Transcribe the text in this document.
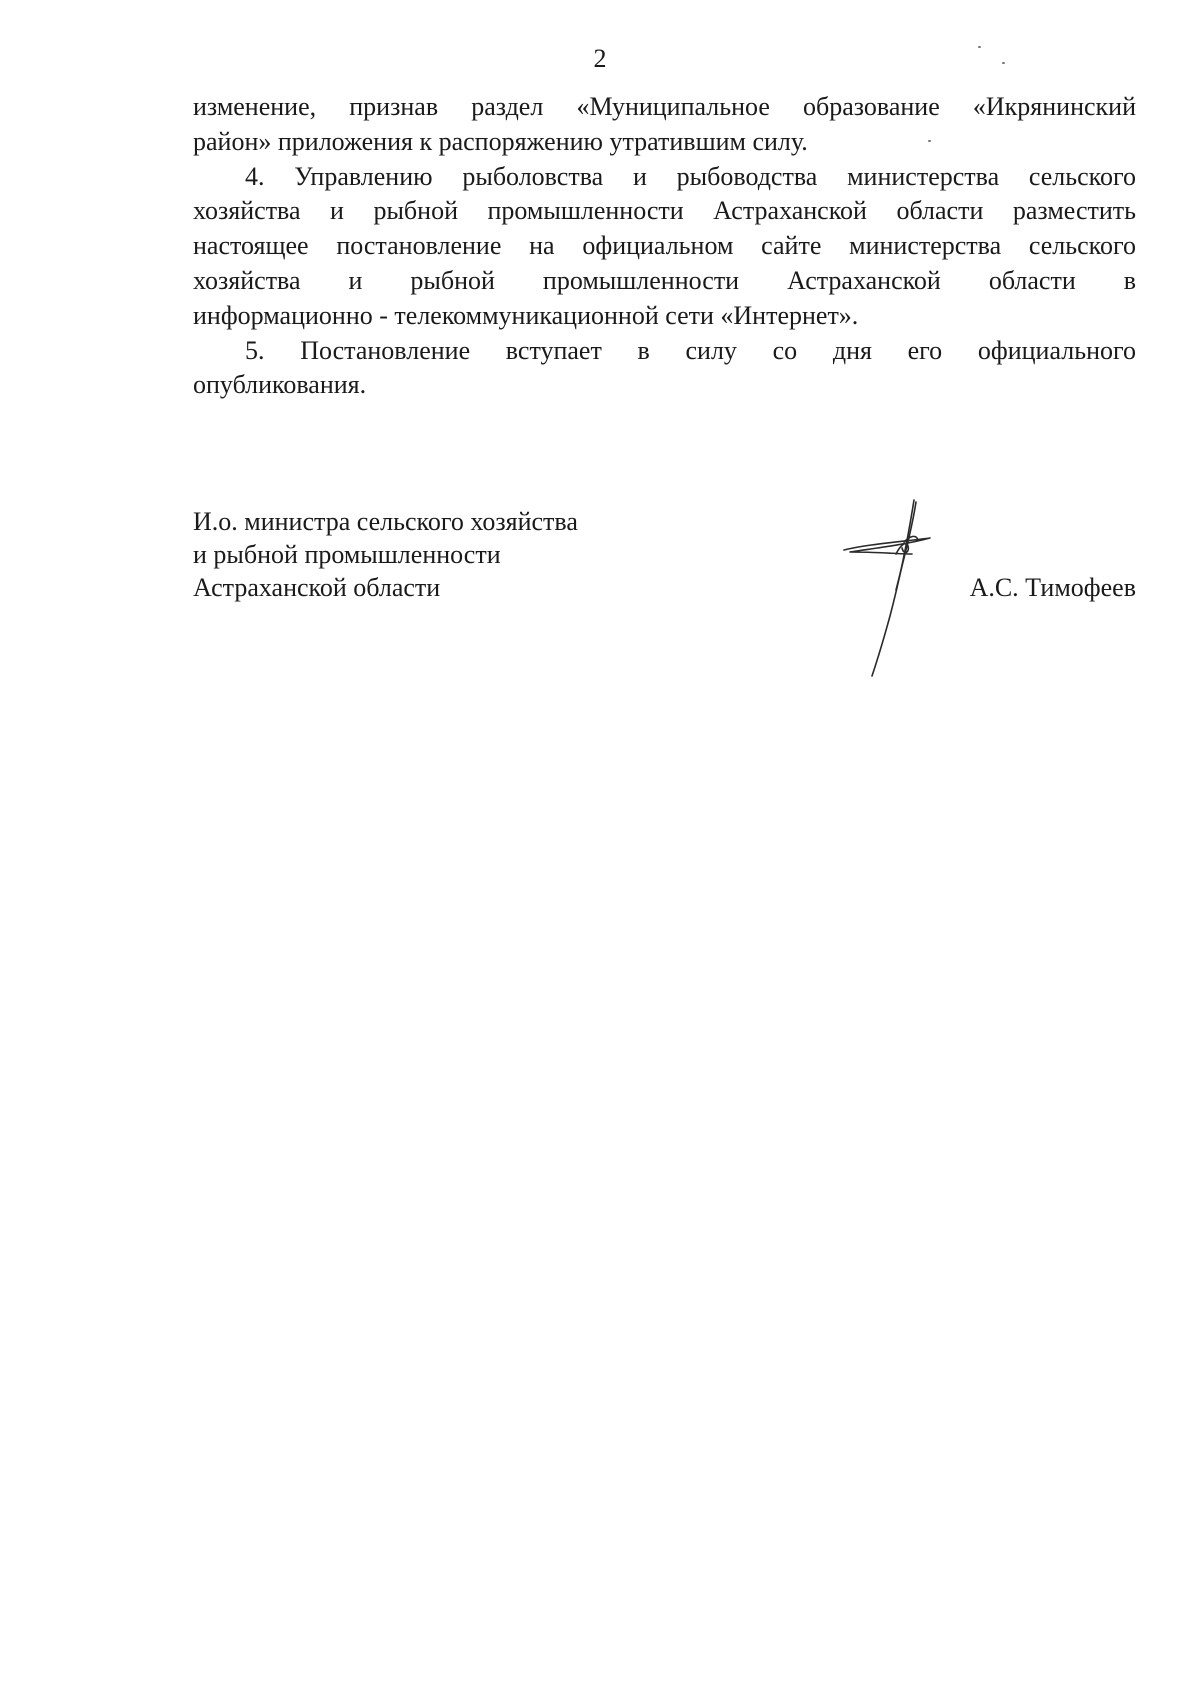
2
изменение, признав раздел «Муниципальное образование «Икрянинский
район» приложения к распоряжению утратившим силу.
4. Управлению рыболовства и рыбоводства министерства сельского
хозяйства и рыбной промышленности Астраханской области разместить
настоящее постановление на официальном сайте министерства сельского
хозяйства и рыбной промышленности Астраханской области в
информационно - телекоммуникационной сети «Интернет».
5. Постановление вступает в силу со дня его официального
опубликования.
И.о. министра сельского хозяйства
и рыбной промышленности
Астраханской области	А.С. Тимофеев
